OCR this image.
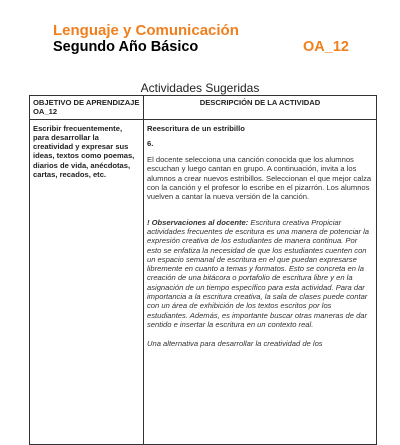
Lenguaje y Comunicación

Segundo Año Básico	OA_12

Actividades Sugeridas

OBJETIVO DE APRENDIZAJE OA_12	DESCRIPCIÓN DE LA ACTIVIDAD

Escribir frecuentemente, para desarrollar la creatividad y expresar sus ideas, textos como poemas, diarios de vida, anécdotas, cartas, recados, etc.	Reescritura de un estribillo
6.
El docente selecciona una canción conocida que los alumnos escuchan y luego cantan en grupo. A continuación, invita a los alumnos a crear nuevos estribillos. Seleccionan el que mejor calza con la canción y el profesor lo escribe en el pizarrón. Los alumnos vuelven a cantar la nueva versión de la canción.
! Observaciones al docente: Escritura creativa Propiciar actividades frecuentes de escritura es una manera de potenciar la expresión creativa de los estudiantes de manera continua. Por esto se enfatiza la necesidad de que los estudiantes cuenten con un espacio semanal de escritura en el que puedan expresarse libremente en cuanto a temas y formatos. Esto se concreta en la creación de una bitácora o portafolio de escritura libre y en la asignación de un tiempo específico para esta actividad. Para dar importancia a la escritura creativa, la sala de clases puede contar con un área de exhibición de los textos escritos por los estudiantes. Además, es importante buscar otras maneras de dar sentido e insertar la escritura en un contexto real.
Una alternativa para desarrollar la creatividad de los
